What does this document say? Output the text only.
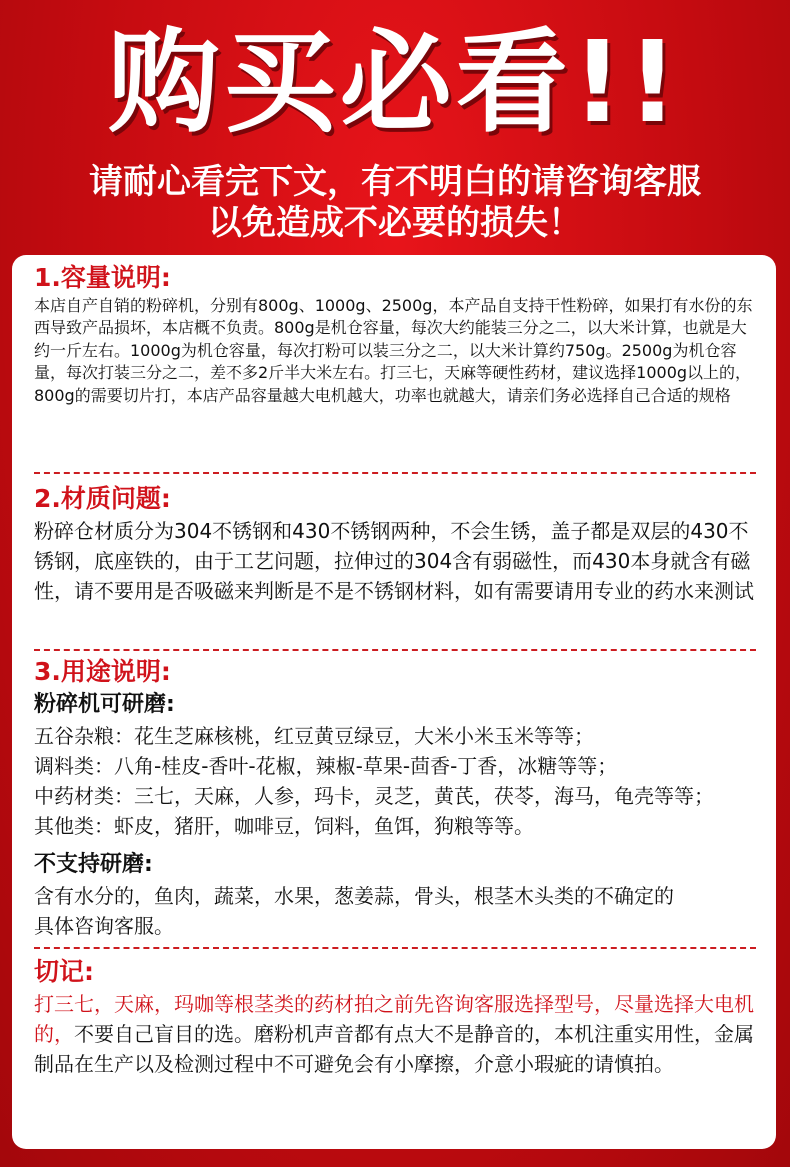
购买必看!!
请耐心看完下文，有不明白的请咨询客服
以免造成不必要的损失！
1.容量说明:

本店自产自销的粉碎机，分别有800g、1000g、2500g，本产品自支持干性粉碎，如果打有水份的东西导致产品损坏，本店概不负责。800g是机仓容量，每次大约能装三分之二，以大米计算，也就是大约一斤左右。1000g为机仓容量，每次打粉可以装三分之二，以大米计算约750g。2500g为机仓容量，每次打装三分之二，差不多2斤半大米左右。打三七，天麻等硬性药材，建议选择1000g以上的，800g的需要切片打，本店产品容量越大电机越大，功率也就越大，请亲们务必选择自己合适的规格

2.材质问题:

粉碎仓材质分为304不锈钢和430不锈钢两种，不会生锈，盖子都是双层的430不锈钢，底座铁的，由于工艺问题，拉伸过的304含有弱磁性，而430本身就含有磁性，请不要用是否吸磁来判断是不是不锈钢材料，如有需要请用专业的药水来测试

3.用途说明:
粉碎机可研磨:
五谷杂粮：花生芝麻核桃，红豆黄豆绿豆，大米小米玉米等等；
调料类：八角-桂皮-香叶-花椒，辣椒-草果-茴香-丁香，冰糖等等；
中药材类：三七，天麻，人参，玛卡，灵芝，黄芪，茯苓，海马，龟壳等等；
其他类：虾皮，猪肝，咖啡豆，饲料，鱼饵，狗粮等等。
不支持研磨:

含有水分的，鱼肉，蔬菜，水果，葱姜蒜，骨头，根茎木头类的不确定的具体咨询客服。

切记:

打三七，天麻，玛咖等根茎类的药材拍之前先咨询客服选择型号，尽量选择大电机的，不要自己盲目的选。磨粉机声音都有点大不是静音的，本机注重实用性，金属制品在生产以及检测过程中不可避免会有小摩擦，介意小瑕疵的请慎拍。
